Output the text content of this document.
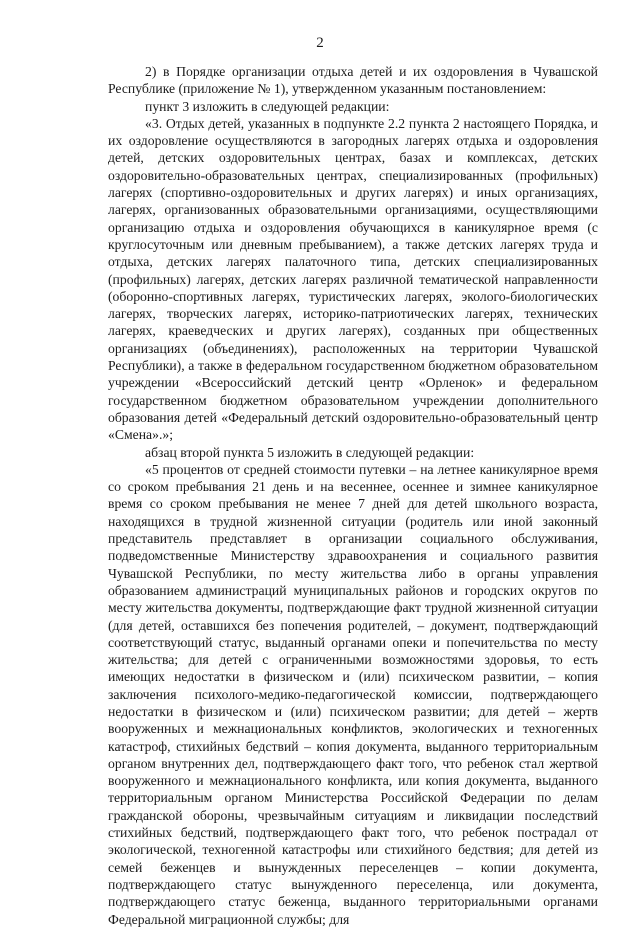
2

2) в Порядке организации отдыха детей и их оздоровления в Чувашской Республике (приложение № 1), утвержденном указанным постановлением:

пункт 3 изложить в следующей редакции:

«3. Отдых детей, указанных в подпункте 2.2 пункта 2 настоящего Порядка, и их оздоровление осуществляются в загородных лагерях отдыха и оздоровления детей, детских оздоровительных центрах, базах и комплексах, детских оздоровительно-образовательных центрах, специализированных (профильных) лагерях (спортивно-оздоровительных и других лагерях) и иных организациях, лагерях, организованных образовательными организациями, осуществляющими организацию отдыха и оздоровления обучающихся в каникулярное время (с круглосуточным или дневным пребыванием), а также детских лагерях труда и отдыха, детских лагерях палаточного типа, детских специализированных (профильных) лагерях, детских лагерях различной тематической направленности (оборонно-спортивных лагерях, туристических лагерях, эколого-биологических лагерях, творческих лагерях, историко-патриотических лагерях, технических лагерях, краеведческих и других лагерях), созданных при общественных организациях (объединениях), расположенных на территории Чувашской Республики), а также в федеральном государственном бюджетном образовательном учреждении «Всероссийский детский центр «Орленок» и федеральном государственном бюджетном образовательном учреждении дополнительного образования детей «Федеральный детский оздоровительно-образовательный центр «Смена».»;

абзац второй пункта 5 изложить в следующей редакции:

«5 процентов от средней стоимости путевки – на летнее каникулярное время со сроком пребывания 21 день и на весеннее, осеннее и зимнее каникулярное время со сроком пребывания не менее 7 дней для детей школьного возраста, находящихся в трудной жизненной ситуации (родитель или иной законный представитель представляет в организации социального обслуживания, подведомственные Министерству здравоохранения и социального развития Чувашской Республики, по месту жительства либо в органы управления образованием администраций муниципальных районов и городских округов по месту жительства документы, подтверждающие факт трудной жизненной ситуации (для детей, оставшихся без попечения родителей, – документ, подтверждающий соответствующий статус, выданный органами опеки и попечительства по месту жительства; для детей с ограниченными возможностями здоровья, то есть имеющих недостатки в физическом и (или) психическом развитии, – копия заключения психолого-медико-педагогической комиссии, подтверждающего недостатки в физическом и (или) психическом развитии; для детей – жертв вооруженных и межнациональных конфликтов, экологических и техногенных катастроф, стихийных бедствий – копия документа, выданного территориальным органом внутренних дел, подтверждающего факт того, что ребенок стал жертвой вооруженного и межнационального конфликта, или копия документа, выданного территориальным органом Министерства Российской Федерации по делам гражданской обороны, чрезвычайным ситуациям и ликвидации последствий стихийных бедствий, подтверждающего факт того, что ребенок пострадал от экологической, техногенной катастрофы или стихийного бедствия; для детей из семей беженцев и вынужденных переселенцев – копии документа, подтверждающего статус вынужденного переселенца, или документа, подтверждающего статус беженца, выданного территориальными органами Федеральной миграционной службы; для
